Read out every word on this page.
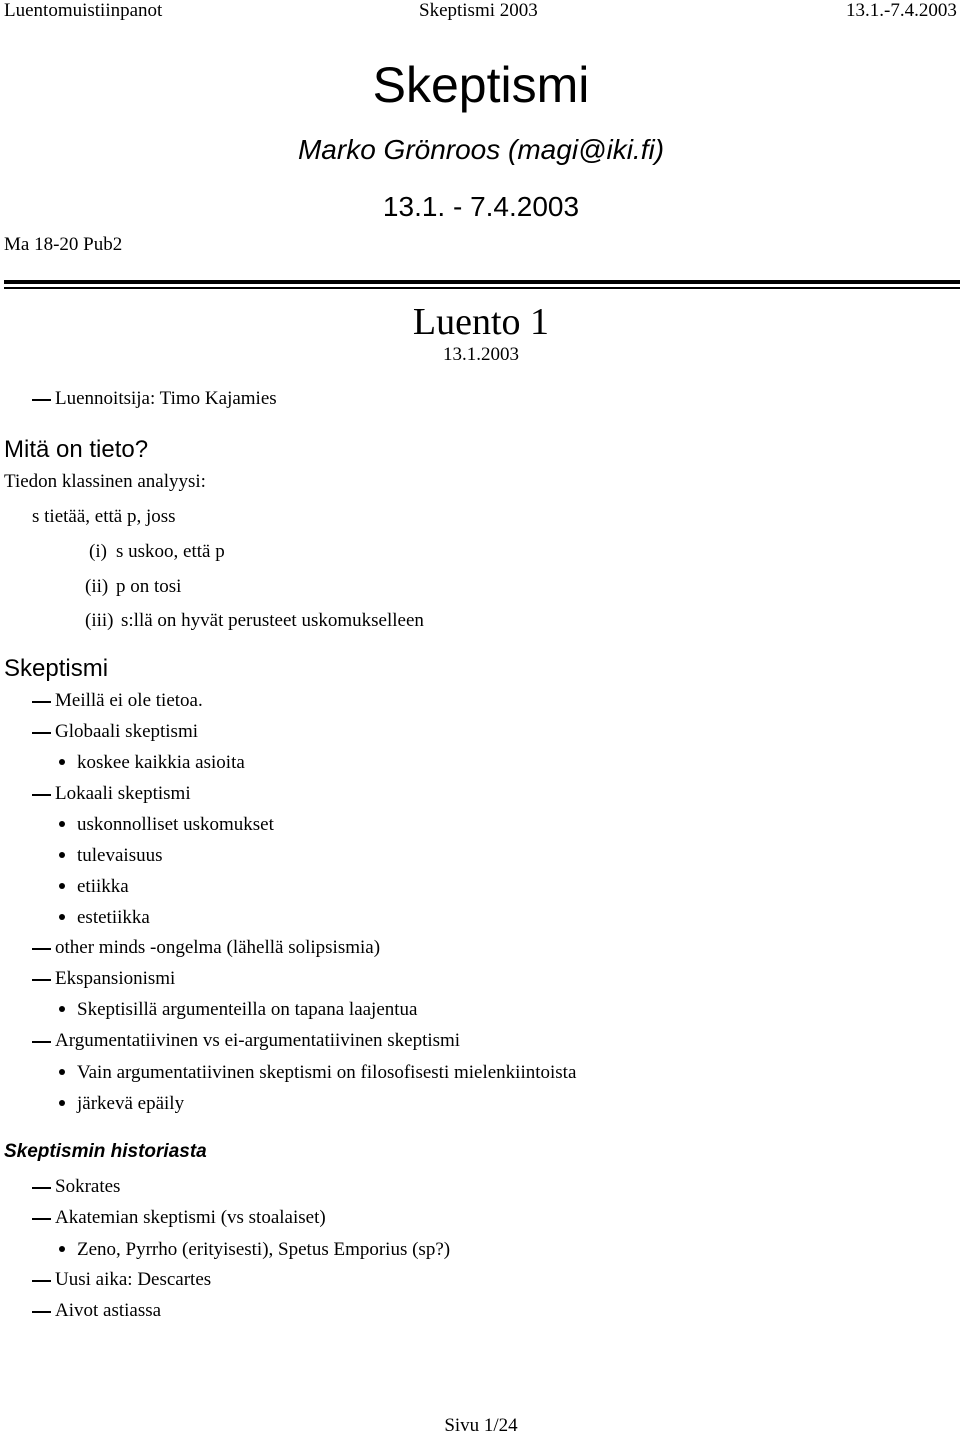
Luentomuistiinpanot	Skeptismi 2003	13.1.-7.4.2003
Skeptismi
Marko Grönroos (magi@iki.fi)
13.1. - 7.4.2003
Ma 18-20 Pub2
Luento 1
13.1.2003
Luennoitsija: Timo Kajamies
Mitä on tieto?
Tiedon klassinen analyysi:
s tietää, että p, joss
(i) s uskoo, että p
(ii) p on tosi
(iii) s:llä on hyvät perusteet uskomukselleen
Skeptismi
Meillä ei ole tietoa.
Globaali skeptismi
koskee kaikkia asioita
Lokaali skeptismi
uskonnolliset uskomukset
tulevaisuus
etiikka
estetiikka
other minds -ongelma (lähellä solipsismia)
Ekspansionismi
Skeptisillä argumenteilla on tapana laajentua
Argumentatiivinen vs ei-argumentatiivinen skeptismi
Vain argumentatiivinen skeptismi on filosofisesti mielenkiintoista
järkevä epäily
Skeptismin historiasta
Sokrates
Akatemian skeptismi (vs stoalaiset)
Zeno, Pyrrho (erityisesti), Spetus Emporius (sp?)
Uusi aika: Descartes
Aivot astiassa
Sivu 1/24
